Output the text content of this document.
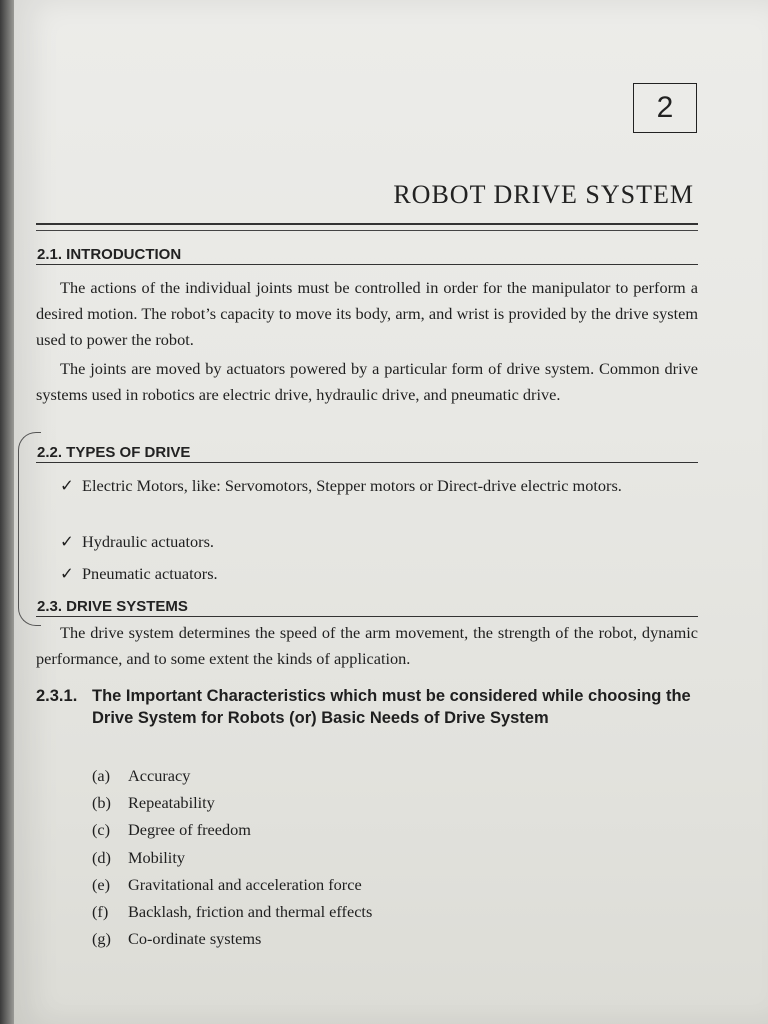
2
ROBOT DRIVE SYSTEM
2.1. INTRODUCTION
The actions of the individual joints must be controlled in order for the manipulator to perform a desired motion. The robot’s capacity to move its body, arm, and wrist is provided by the drive system used to power the robot.
The joints are moved by actuators powered by a particular form of drive system. Common drive systems used in robotics are electric drive, hydraulic drive, and pneumatic drive.
2.2. TYPES OF DRIVE
✓ Electric Motors, like: Servomotors, Stepper motors or Direct-drive electric motors.
✓ Hydraulic actuators.
✓ Pneumatic actuators.
2.3. DRIVE SYSTEMS
The drive system determines the speed of the arm movement, the strength of the robot, dynamic performance, and to some extent the kinds of application.
2.3.1. The Important Characteristics which must be considered while choosing the Drive System for Robots (or) Basic Needs of Drive System
(a) Accuracy
(b) Repeatability
(c) Degree of freedom
(d) Mobility
(e) Gravitational and acceleration force
(f) Backlash, friction and thermal effects
(g) Co-ordinate systems
